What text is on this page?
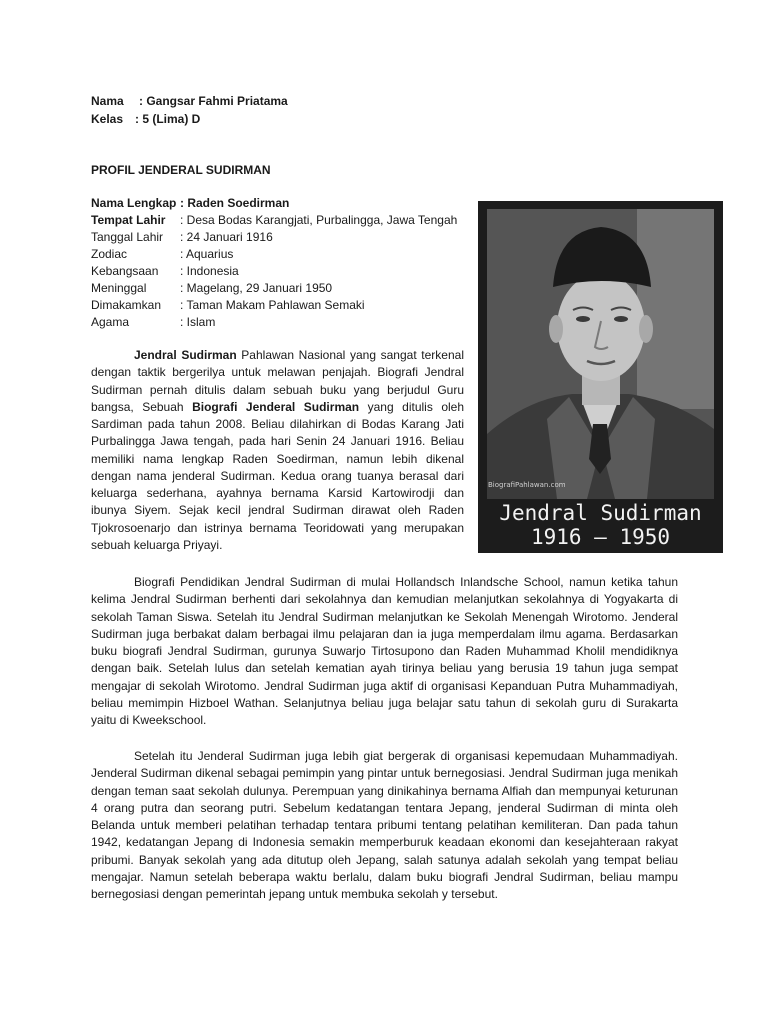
Nama : Gangsar Fahmi Priatama
Kelas : 5 (Lima) D
PROFIL JENDERAL SUDIRMAN
Nama Lengkap : Raden Soedirman
Tempat Lahir : Desa Bodas Karangjati, Purbalingga, Jawa Tengah
Tanggal Lahir : 24 Januari 1916
Zodiac	: Aquarius
Kebangsaan : Indonesia
Meninggal	: Magelang, 29 Januari 1950
Dimakamkan : Taman Makam Pahlawan Semaki
Agama	: Islam
BiografiPahlawan.com
Jendral Sudirman
1916 – 1950
Jendral Sudirman Pahlawan Nasional yang sangat terkenal dengan taktik bergerilya untuk melawan penjajah. Biografi Jendral Sudirman pernah ditulis dalam sebuah buku yang berjudul Guru bangsa, Sebuah Biografi Jenderal Sudirman yang ditulis oleh Sardiman pada tahun 2008. Beliau dilahirkan di Bodas Karang Jati Purbalingga Jawa tengah, pada hari Senin 24 Januari 1916. Beliau memiliki nama lengkap Raden Soedirman, namun lebih dikenal dengan nama jenderal Sudirman. Kedua orang tuanya berasal dari keluarga sederhana, ayahnya bernama Karsid Kartowirodji dan ibunya Siyem. Sejak kecil jendral Sudirman dirawat oleh Raden Tjokrosoenarjo dan istrinya bernama Teoridowati yang merupakan sebuah keluarga Priyayi.
Biografi Pendidikan Jendral Sudirman di mulai Hollandsch Inlandsche School, namun ketika tahun kelima Jendral Sudirman berhenti dari sekolahnya dan kemudian melanjutkan sekolahnya di Yogyakarta di sekolah Taman Siswa. Setelah itu Jendral Sudirman melanjutkan ke Sekolah Menengah Wirotomo. Jenderal Sudirman juga berbakat dalam berbagai ilmu pelajaran dan ia juga memperdalam ilmu agama. Berdasarkan buku biografi Jendral Sudirman, gurunya Suwarjo Tirtosupono dan Raden Muhammad Kholil mendidiknya dengan baik. Setelah lulus dan setelah kematian ayah tirinya beliau yang berusia 19 tahun juga sempat mengajar di sekolah Wirotomo. Jendral Sudirman juga aktif di organisasi Kepanduan Putra Muhammadiyah, beliau memimpin Hizboel Wathan. Selanjutnya beliau juga belajar satu tahun di sekolah guru di Surakarta yaitu di Kweekschool.
Setelah itu Jenderal Sudirman juga lebih giat bergerak di organisasi kepemudaan Muhammadiyah. Jenderal Sudirman dikenal sebagai pemimpin yang pintar untuk bernegosiasi. Jendral Sudirman juga menikah dengan teman saat sekolah dulunya. Perempuan yang dinikahinya bernama Alfiah dan mempunyai keturunan 4 orang putra dan seorang putri. Sebelum kedatangan tentara Jepang, jenderal Sudirman di minta oleh Belanda untuk memberi pelatihan terhadap tentara pribumi tentang pelatihan kemiliteran. Dan pada tahun 1942, kedatangan Jepang di Indonesia semakin memperburuk keadaan ekonomi dan kesejahteraan rakyat pribumi. Banyak sekolah yang ada ditutup oleh Jepang, salah satunya adalah sekolah yang tempat beliau mengajar. Namun setelah beberapa waktu berlalu, dalam buku biografi Jendral Sudirman, beliau mampu bernegosiasi dengan pemerintah jepang untuk membuka sekolah y tersebut.
